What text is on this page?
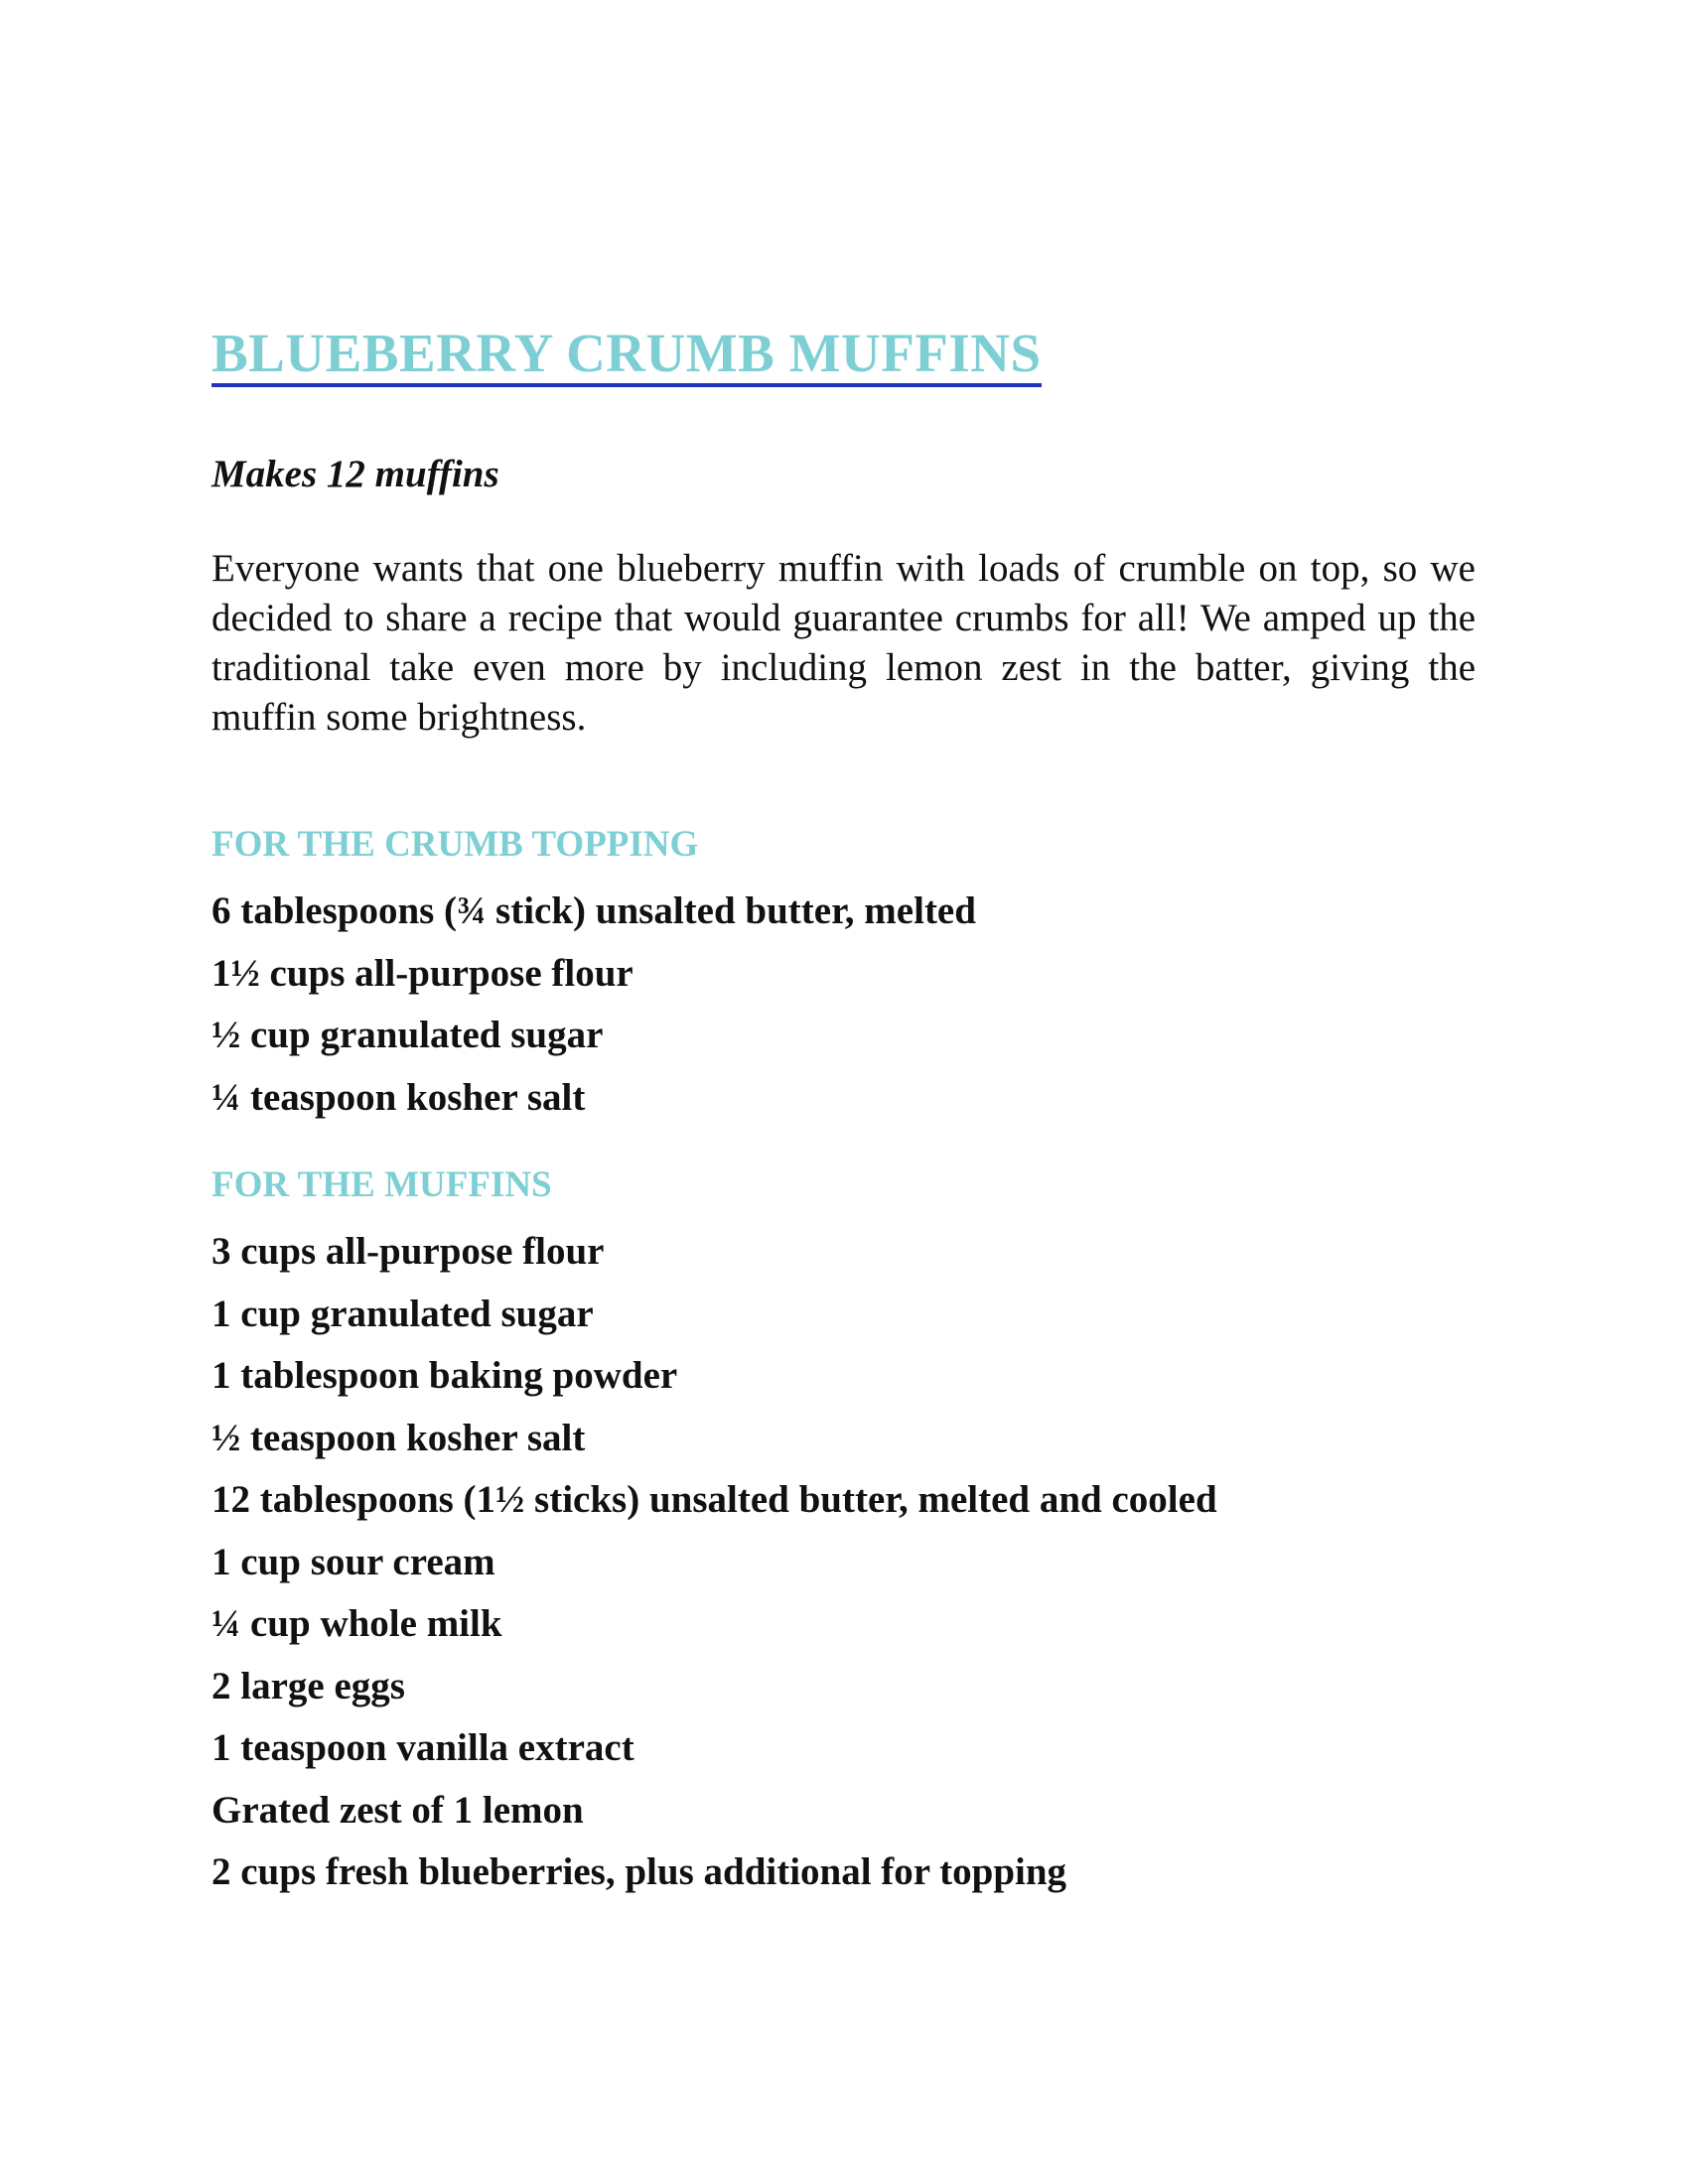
BLUEBERRY CRUMB MUFFINS
Makes 12 muffins

Everyone wants that one blueberry muffin with loads of crumble on top, so we decided to share a recipe that would guarantee crumbs for all! We amped up the traditional take even more by including lemon zest in the batter, giving the muffin some brightness.

FOR THE CRUMB TOPPING
6 tablespoons (¾ stick) unsalted butter, melted
1½ cups all-purpose flour
½ cup granulated sugar
¼ teaspoon kosher salt
FOR THE MUFFINS
3 cups all-purpose flour
1 cup granulated sugar
1 tablespoon baking powder
½ teaspoon kosher salt
12 tablespoons (1½ sticks) unsalted butter, melted and cooled
1 cup sour cream
¼ cup whole milk
2 large eggs
1 teaspoon vanilla extract
Grated zest of 1 lemon
2 cups fresh blueberries, plus additional for topping
